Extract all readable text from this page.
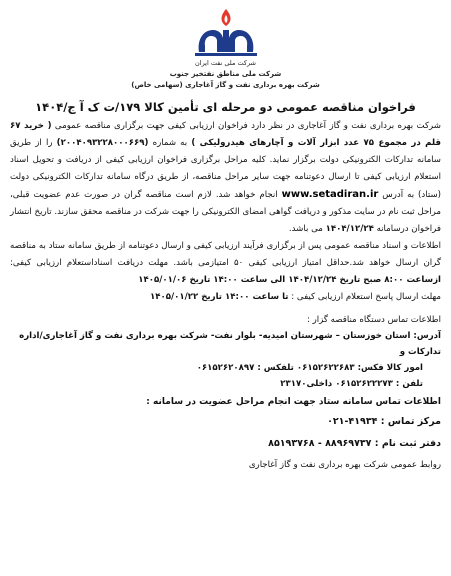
شرکت ملی نفت ایران
شرکت ملی مناطق نفتخیز جنوب
شرکت بهره برداری نفت و گاز آغاجاری (سهامی خاص)
فراخوان مناقصه عمومی دو مرحله ای تأمین کالا ۱۷۹/ت ک آ ج/۱۴۰۴

شرکت بهره برداری نفت و گاز آغاجاری در نظر دارد فراخوان ارزیابی کیفی جهت برگزاری مناقصه عمومی ( خرید ۶۷ قلم در مجموع ۷۵ عدد ابزار آلات و آچارهای هیدرولیکی ) به شماره (۲۰۰۴۰۹۳۲۲۸۰۰۰۶۶۹) را از طریق سامانه تدارکات الکترونیکی دولت برگزار نماید. کلیه مراحل برگزاری فراخوان ارزیابی کیفی از دریافت و تحویل اسناد استعلام ارزیابی کیفی تا ارسال دعوتنامه جهت سایر مراحل مناقصه، از طریق درگاه سامانه تدارکات الکترونیکی دولت (ستاد) به آدرس www.setadiran.ir انجام خواهد شد. لازم است مناقصه گران در صورت عدم عضویت قبلی، مراحل ثبت نام در سایت مذکور و دریافت گواهی امضای الکترونیکی را جهت شرکت در مناقصه محقق سازند. تاریخ انتشار فراخوان درسامانه ۱۴۰۴/۱۲/۲۴ می باشد.

اطلاعات و اسناد مناقصه عمومی پس از برگزاری فرآیند ارزیابی کیفی و ارسال دعوتنامه از طریق سامانه ستاد به مناقصه گران ارسال خواهد شد.حداقل امتیاز ارزیابی کیفی ۵۰ امتیازمی باشد. مهلت دریافت اسناداستعلام ارزیابی کیفی: ازساعت ۸:۰۰ صبح تاریخ ۱۴۰۴/۱۲/۲۴ الی ساعت ۱۴:۰۰ تاریخ ۱۴۰۵/۰۱/۰۶

مهلت ارسال پاسخ استعلام ارزیابی کیفی : تا ساعت ۱۴:۰۰ تاریخ ۱۴۰۵/۰۱/۲۲

اطلاعات تماس دستگاه مناقصه گزار :
آدرس: استان خوزستان – شهرستان امیدیه- بلوار نفت- شرکت بهره برداری نفت و گاز آغاجاری/اداره تدارکات و
امور کالا فکس: ۰۶۱۵۲۶۲۲۶۸۳ تلفکس : ۰۶۱۵۲۶۲۰۸۹۷
تلفن : ۰۶۱۵۲۶۲۲۲۷۳ داخلی۲۳۱۷۰
اطلاعات تماس سامانه ستاد جهت انجام مراحل عضویت در سامانه :
مرکز تماس : ۴۱۹۳۴-۰۲۱
دفتر ثبت نام : ۸۸۹۶۹۷۳۷ - ۸۵۱۹۳۷۶۸
روابط عمومی شرکت بهره برداری نفت و گاز آغاجاری
